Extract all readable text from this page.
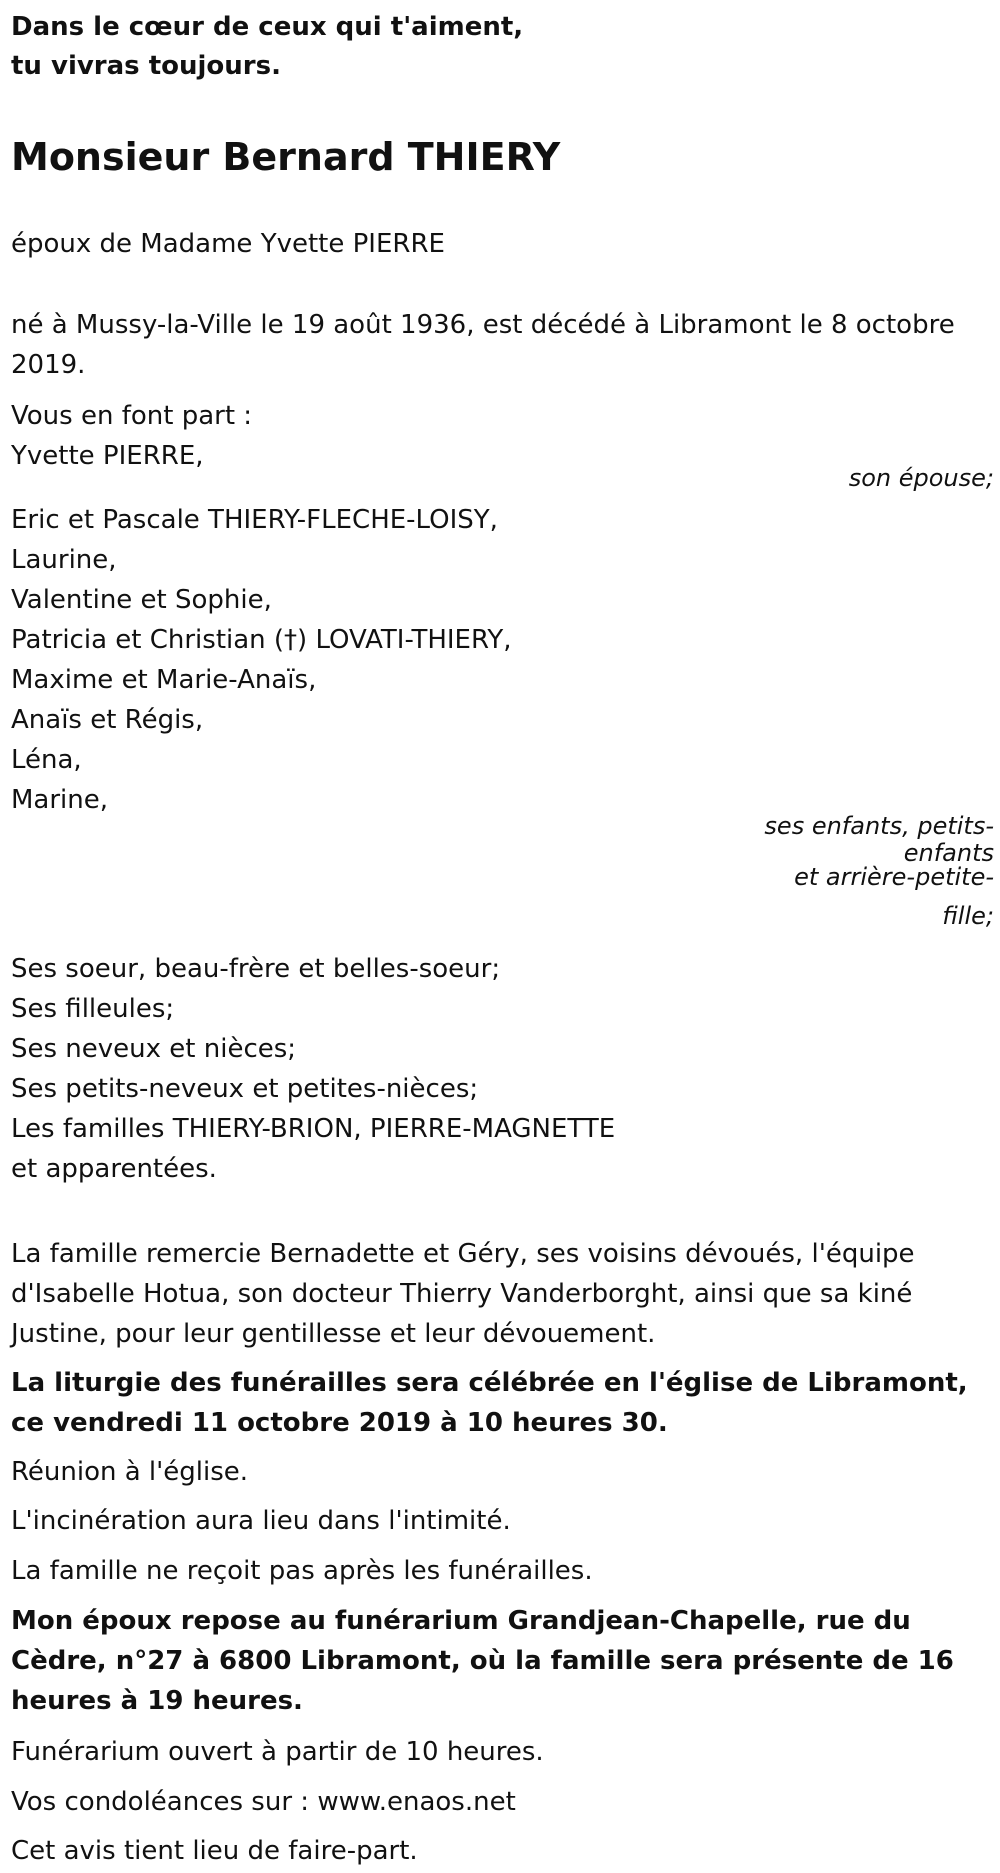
Dans le cœur de ceux qui t'aiment,
tu vivras toujours.
Monsieur Bernard THIERY

époux de Madame Yvette PIERRE

né à Mussy-la-Ville le 19 août 1936, est décédé à Libramont le 8 octobre 2019.

Vous en font part :

Yvette PIERRE,

son épouse;

Eric et Pascale THIERY-FLECHE-LOISY,
Laurine,
Valentine et Sophie,
Patricia et Christian (†) LOVATI-THIERY,
Maxime et Marie-Anaïs,
Anaïs et Régis,
Léna,
Marine,
ses enfants, petits-
enfants
et arrière-petite-
fille;
Ses soeur, beau-frère et belles-soeur;
Ses filleules;
Ses neveux et nièces;
Ses petits-neveux et petites-nièces;
Les familles THIERY-BRION, PIERRE-MAGNETTE
et apparentées.

La famille remercie Bernadette et Géry, ses voisins dévoués, l'équipe d'Isabelle Hotua, son docteur Thierry Vanderborght, ainsi que sa kiné Justine, pour leur gentillesse et leur dévouement.

La liturgie des funérailles sera célébrée en l'église de Libramont, ce vendredi 11 octobre 2019 à 10 heures 30.

Réunion à l'église.

L'incinération aura lieu dans l'intimité.

La famille ne reçoit pas après les funérailles.

Mon époux repose au funérarium Grandjean-Chapelle, rue du Cèdre, n°27 à 6800 Libramont, où la famille sera présente de 16 heures à 19 heures.

Funérarium ouvert à partir de 10 heures.

Vos condoléances sur : www.enaos.net

Cet avis tient lieu de faire-part.
